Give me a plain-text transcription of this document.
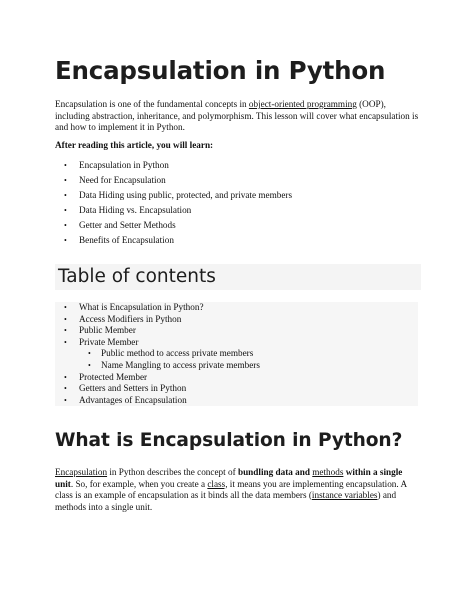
Encapsulation in Python

Encapsulation is one of the fundamental concepts in object-oriented programming (OOP), including abstraction, inheritance, and polymorphism. This lesson will cover what encapsulation is and how to implement it in Python.

After reading this article, you will learn:

• Encapsulation in Python
• Need for Encapsulation
• Data Hiding using public, protected, and private members
• Data Hiding vs. Encapsulation
• Getter and Setter Methods
• Benefits of Encapsulation
Table of contents
• What is Encapsulation in Python?
• Access Modifiers in Python
• Public Member
• Private Member
• Public method to access private members
• Name Mangling to access private members
• Protected Member
• Getters and Setters in Python
• Advantages of Encapsulation
What is Encapsulation in Python?

Encapsulation in Python describes the concept of bundling data and methods within a single unit. So, for example, when you create a class, it means you are implementing encapsulation. A class is an example of encapsulation as it binds all the data members (instance variables) and methods into a single unit.
